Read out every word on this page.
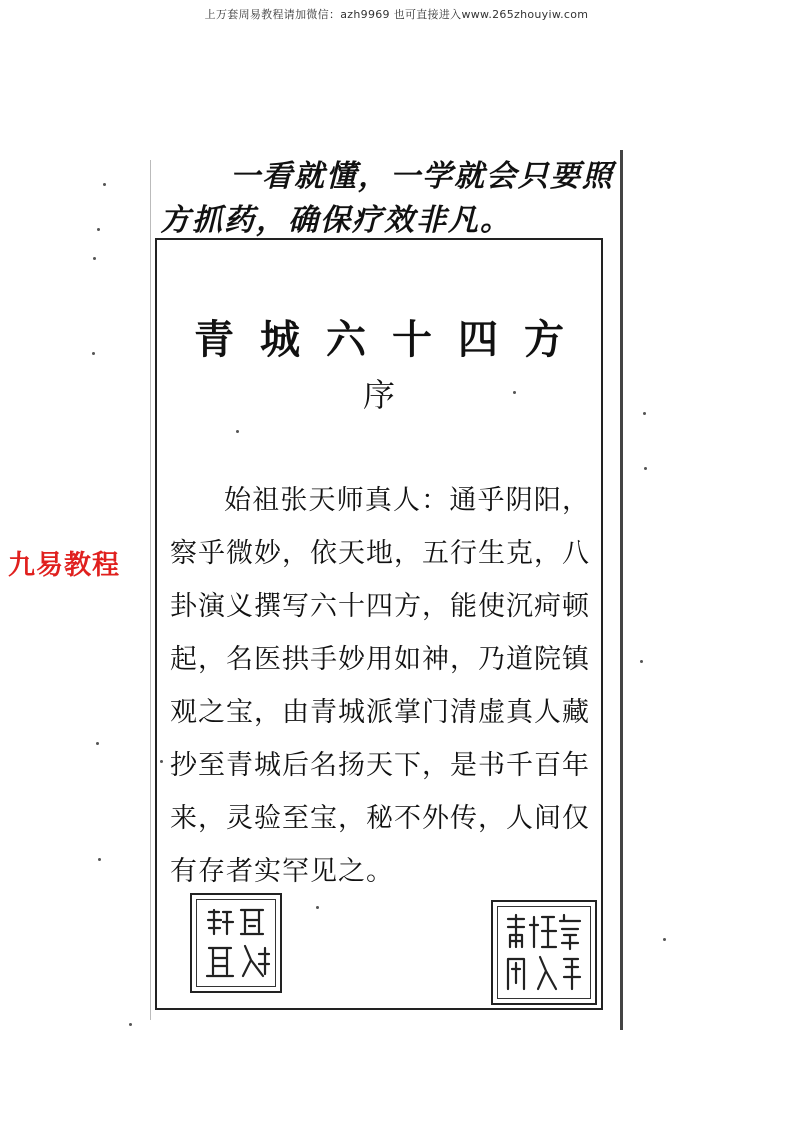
上万套周易教程请加微信：azh9969 也可直接进入www.265zhouyiw.com
一看就懂，一学就会只要照
方抓药，确保疗效非凡。
青城六十四方
序

始祖张天师真人：通乎阴阳，察乎微妙，依天地，五行生克，八卦演义撰写六十四方，能使沉疴顿起，名医拱手妙用如神，乃道院镇观之宝，由青城派掌门清虚真人藏抄至青城后名扬天下，是书千百年来，灵验至宝，秘不外传，人间仅有存者实罕见之。

九易教程
